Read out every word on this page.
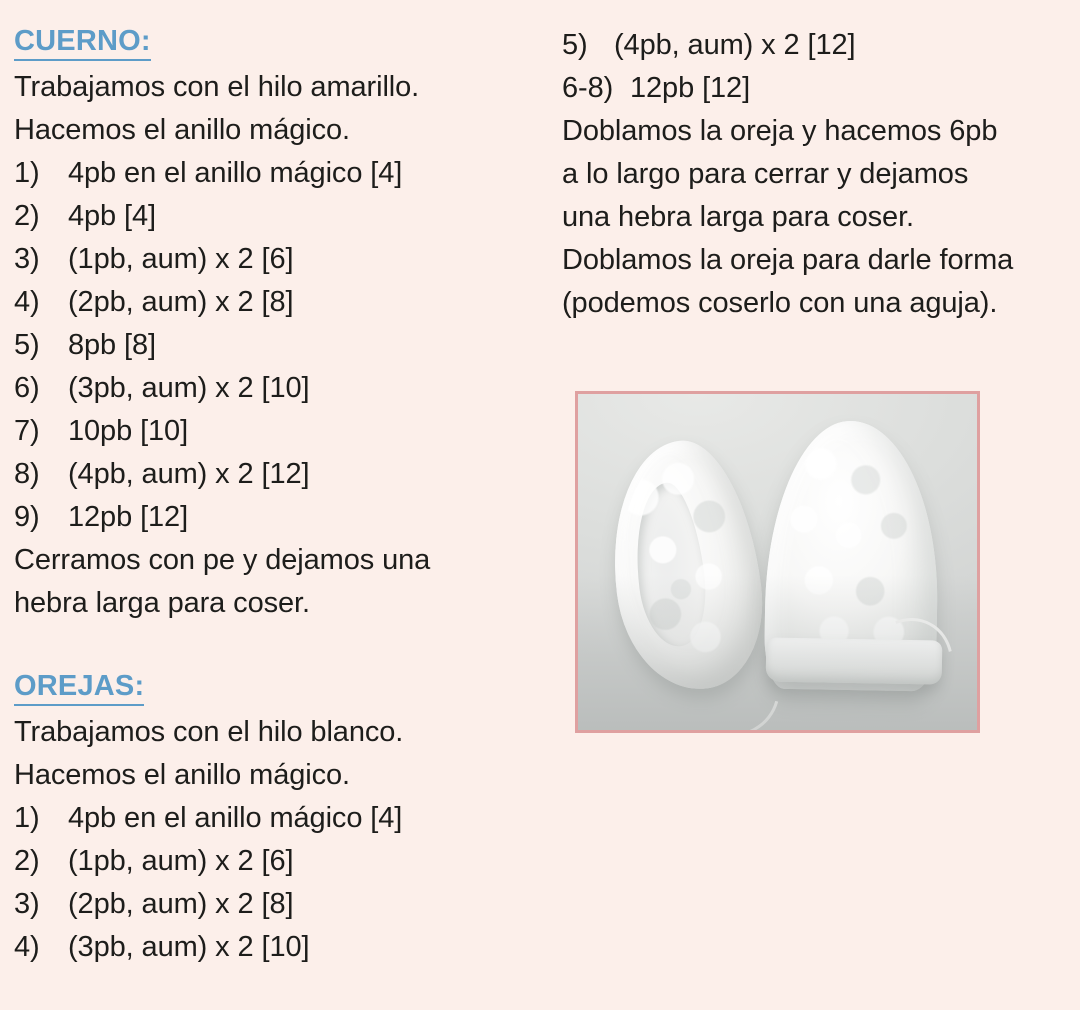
CUERNO:
Trabajamos con el hilo amarillo.
Hacemos el anillo mágico.
1) 4pb en el anillo mágico [4]
2) 4pb [4]
3) (1pb, aum) x 2 [6]
4) (2pb, aum) x 2 [8]
5) 8pb [8]
6) (3pb, aum) x 2 [10]
7) 10pb [10]
8) (4pb, aum) x 2 [12]
9) 12pb [12]
Cerramos con pe y dejamos una
hebra larga para coser.
OREJAS:
Trabajamos con el hilo blanco.
Hacemos el anillo mágico.
1) 4pb en el anillo mágico [4]
2) (1pb, aum) x 2 [6]
3) (2pb, aum) x 2 [8]
4) (3pb, aum) x 2 [10]
5) (4pb, aum) x 2 [12]
6-8) 12pb [12]
Doblamos la oreja y hacemos 6pb
a lo largo para cerrar y dejamos
una hebra larga para coser.
Doblamos la oreja para darle forma
(podemos coserlo con una aguja).
